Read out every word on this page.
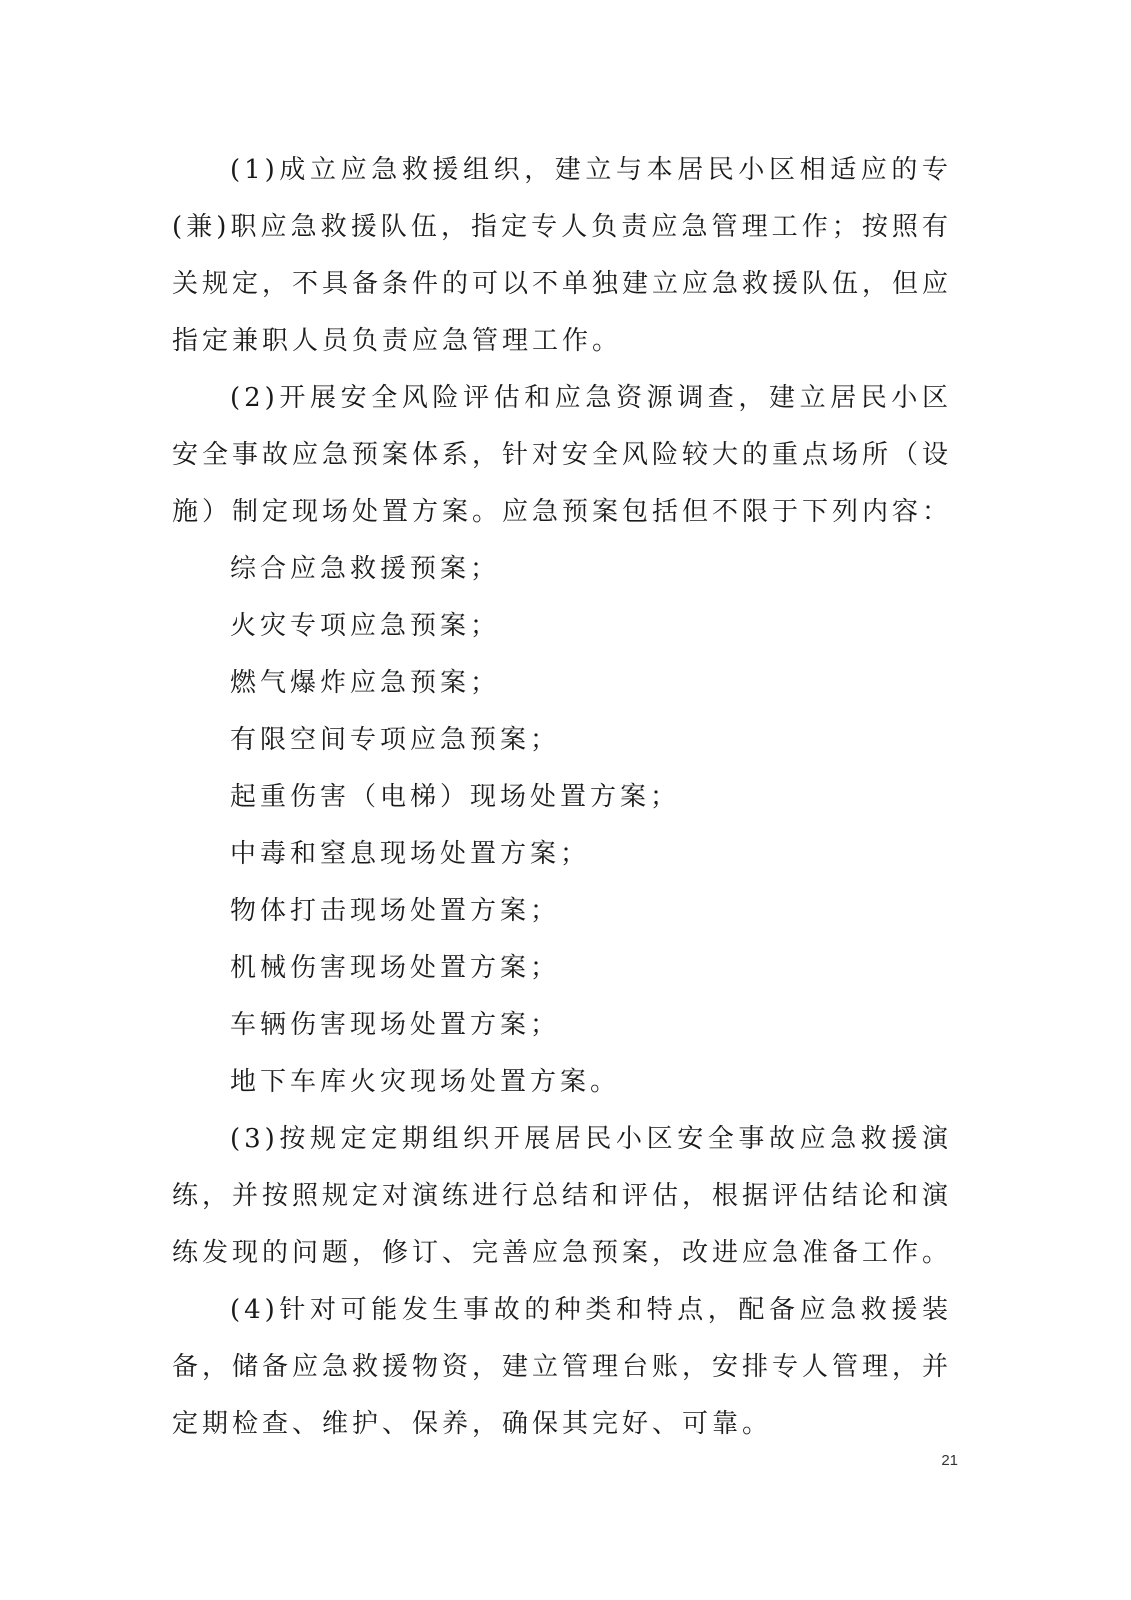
(1)成立应急救援组织，建立与本居民小区相适应的专(兼)职应急救援队伍，指定专人负责应急管理工作；按照有关规定，不具备条件的可以不单独建立应急救援队伍，但应指定兼职人员负责应急管理工作。

(2)开展安全风险评估和应急资源调查，建立居民小区安全事故应急预案体系，针对安全风险较大的重点场所（设施）制定现场处置方案。应急预案包括但不限于下列内容：

综合应急救援预案；

火灾专项应急预案；

燃气爆炸应急预案；

有限空间专项应急预案；

起重伤害（电梯）现场处置方案；

中毒和窒息现场处置方案；

物体打击现场处置方案；

机械伤害现场处置方案；

车辆伤害现场处置方案；

地下车库火灾现场处置方案。

(3)按规定定期组织开展居民小区安全事故应急救援演练，并按照规定对演练进行总结和评估，根据评估结论和演练发现的问题，修订、完善应急预案，改进应急准备工作。

(4)针对可能发生事故的种类和特点，配备应急救援装备，储备应急救援物资，建立管理台账，安排专人管理，并定期检查、维护、保养，确保其完好、可靠。

21
